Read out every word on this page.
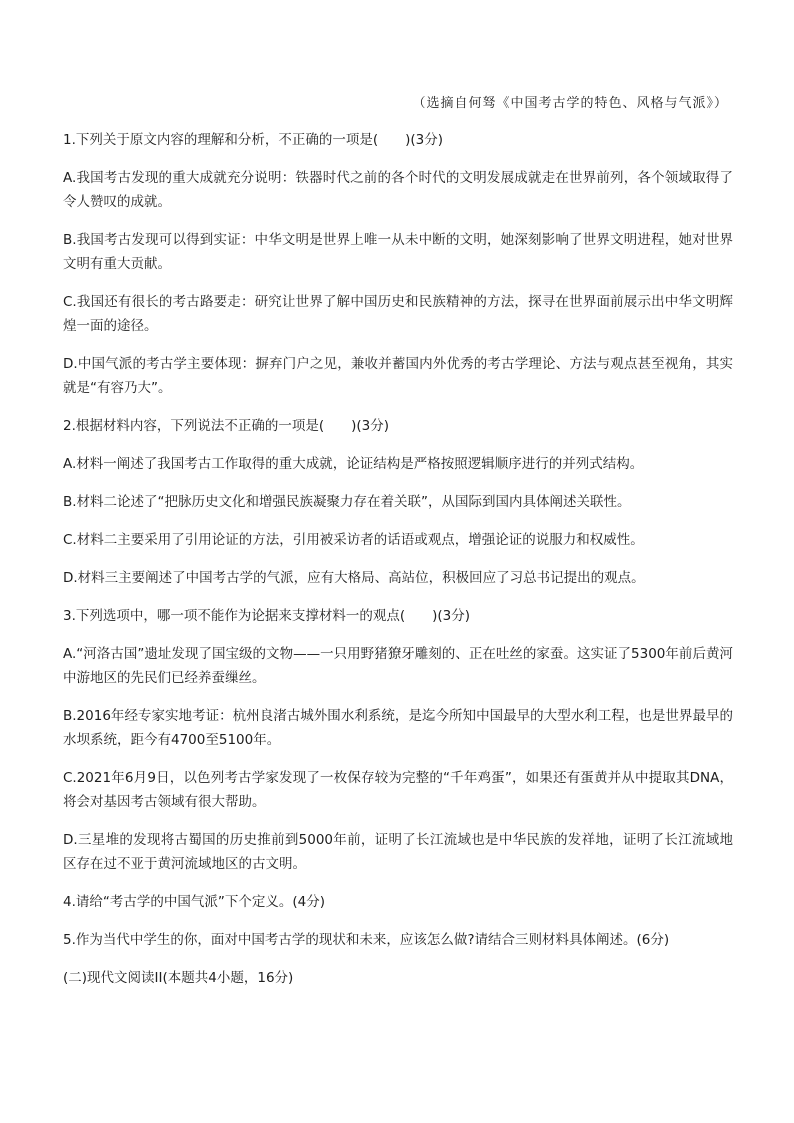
（选摘自何驽《中国考古学的特色、风格与气派》）

1.下列关于原文内容的理解和分析，不正确的一项是(　　)(3分)

A.我国考古发现的重大成就充分说明：铁器时代之前的各个时代的文明发展成就走在世界前列，各个领域取得了令人赞叹的成就。

B.我国考古发现可以得到实证：中华文明是世界上唯一从未中断的文明，她深刻影响了世界文明进程，她对世界文明有重大贡献。

C.我国还有很长的考古路要走：研究让世界了解中国历史和民族精神的方法，探寻在世界面前展示出中华文明辉煌一面的途径。

D.中国气派的考古学主要体现：摒弃门户之见，兼收并蓄国内外优秀的考古学理论、方法与观点甚至视角，其实就是“有容乃大”。

2.根据材料内容，下列说法不正确的一项是(　　)(3分)

A.材料一阐述了我国考古工作取得的重大成就，论证结构是严格按照逻辑顺序进行的并列式结构。

B.材料二论述了“把脉历史文化和增强民族凝聚力存在着关联”，从国际到国内具体阐述关联性。

C.材料二主要采用了引用论证的方法，引用被采访者的话语或观点，增强论证的说服力和权威性。

D.材料三主要阐述了中国考古学的气派，应有大格局、高站位，积极回应了习总书记提出的观点。

3.下列选项中，哪一项不能作为论据来支撑材料一的观点(　　)(3分)

A.“河洛古国”遗址发现了国宝级的文物——一只用野猪獠牙雕刻的、正在吐丝的家蚕。这实证了5300年前后黄河中游地区的先民们已经养蚕缫丝。

B.2016年经专家实地考证：杭州良渚古城外围水利系统，是迄今所知中国最早的大型水利工程，也是世界最早的水坝系统，距今有4700至5100年。

C.2021年6月9日，以色列考古学家发现了一枚保存较为完整的“千年鸡蛋”，如果还有蛋黄并从中提取其DNA，将会对基因考古领域有很大帮助。

D.三星堆的发现将古蜀国的历史推前到5000年前，证明了长江流域也是中华民族的发祥地，证明了长江流域地区存在过不亚于黄河流域地区的古文明。

4.请给“考古学的中国气派”下个定义。(4分)

5.作为当代中学生的你，面对中国考古学的现状和未来，应该怎么做?请结合三则材料具体阐述。(6分)

(二)现代文阅读II(本题共4小题，16分)
